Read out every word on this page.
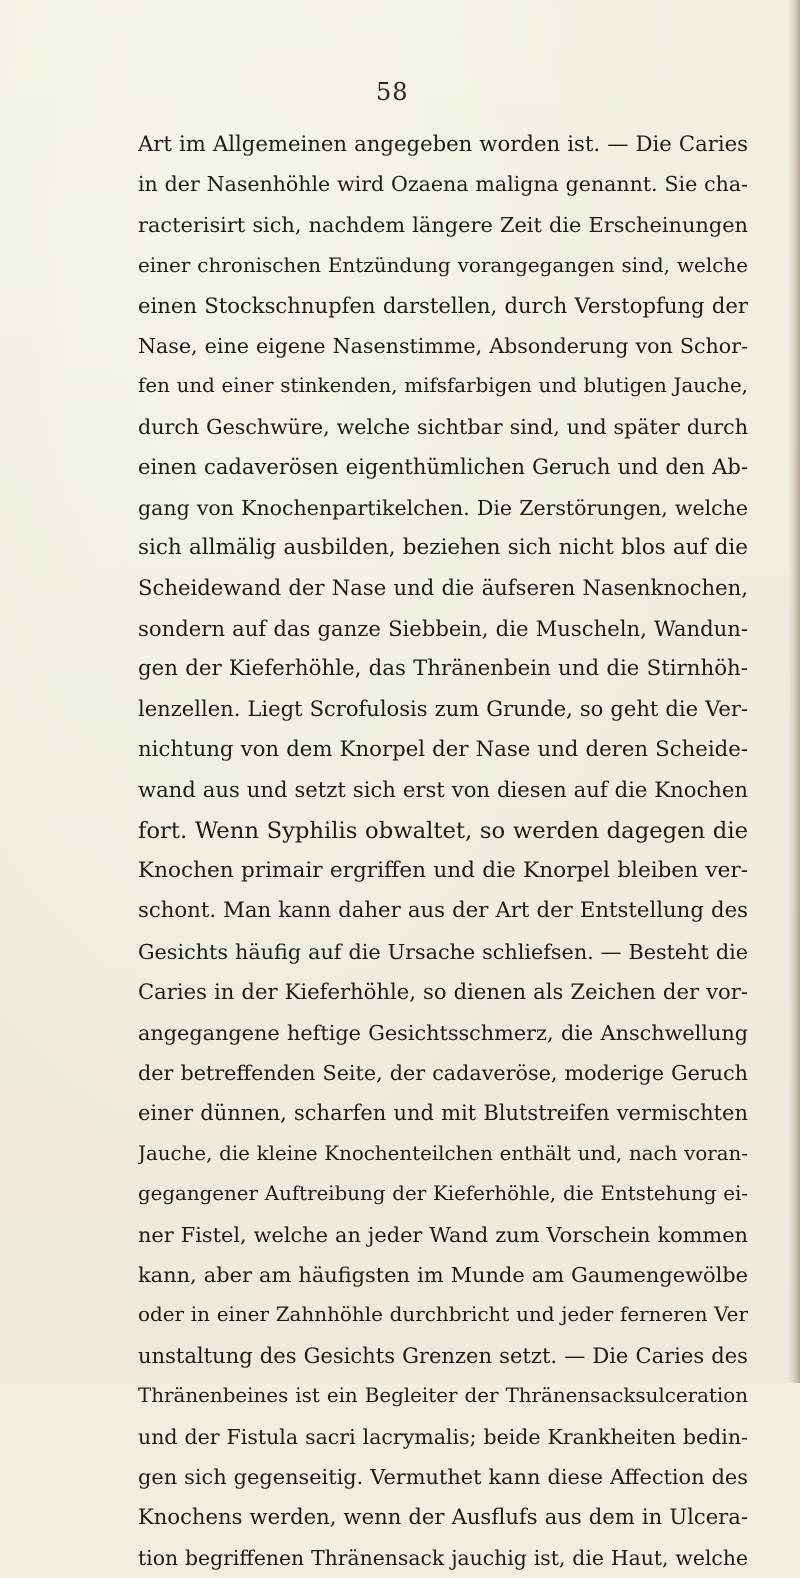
58
Art im Allgemeinen angegeben worden ist. — Die Caries
in der Nasenhöhle wird Ozaena maligna genannt. Sie cha-
racterisirt sich, nachdem längere Zeit die Erscheinungen
einer chronischen Entzündung vorangegangen sind, welche
einen Stockschnupfen darstellen, durch Verstopfung der
Nase, eine eigene Nasenstimme, Absonderung von Schor-
fen und einer stinkenden, mifsfarbigen und blutigen Jauche,
durch Geschwüre, welche sichtbar sind, und später durch
einen cadaverösen eigenthümlichen Geruch und den Ab-
gang von Knochenpartikelchen. Die Zerstörungen, welche
sich allmälig ausbilden, beziehen sich nicht blos auf die
Scheidewand der Nase und die äufseren Nasenknochen,
sondern auf das ganze Siebbein, die Muscheln, Wandun-
gen der Kieferhöhle, das Thränenbein und die Stirnhöh-
lenzellen. Liegt Scrofulosis zum Grunde, so geht die Ver-
nichtung von dem Knorpel der Nase und deren Scheide-
wand aus und setzt sich erst von diesen auf die Knochen
fort. Wenn Syphilis obwaltet, so werden dagegen die
Knochen primair ergriffen und die Knorpel bleiben ver-
schont. Man kann daher aus der Art der Entstellung des
Gesichts häufig auf die Ursache schliefsen. — Besteht die
Caries in der Kieferhöhle, so dienen als Zeichen der vor-
angegangene heftige Gesichtsschmerz, die Anschwellung
der betreffenden Seite, der cadaveröse, moderige Geruch
einer dünnen, scharfen und mit Blutstreifen vermischten
Jauche, die kleine Knochenteilchen enthält und, nach voran-
gegangener Auftreibung der Kieferhöhle, die Entstehung ei-
ner Fistel, welche an jeder Wand zum Vorschein kommen
kann, aber am häufigsten im Munde am Gaumengewölbe
oder in einer Zahnhöhle durchbricht und jeder ferneren Ver
unstaltung des Gesichts Grenzen setzt. — Die Caries des
Thränenbeines ist ein Begleiter der Thränensacksulceration
und der Fistula sacri lacrymalis; beide Krankheiten bedin-
gen sich gegenseitig. Vermuthet kann diese Affection des
Knochens werden, wenn der Ausflufs aus dem in Ulcera-
tion begriffenen Thränensack jauchig ist, die Haut, welche
